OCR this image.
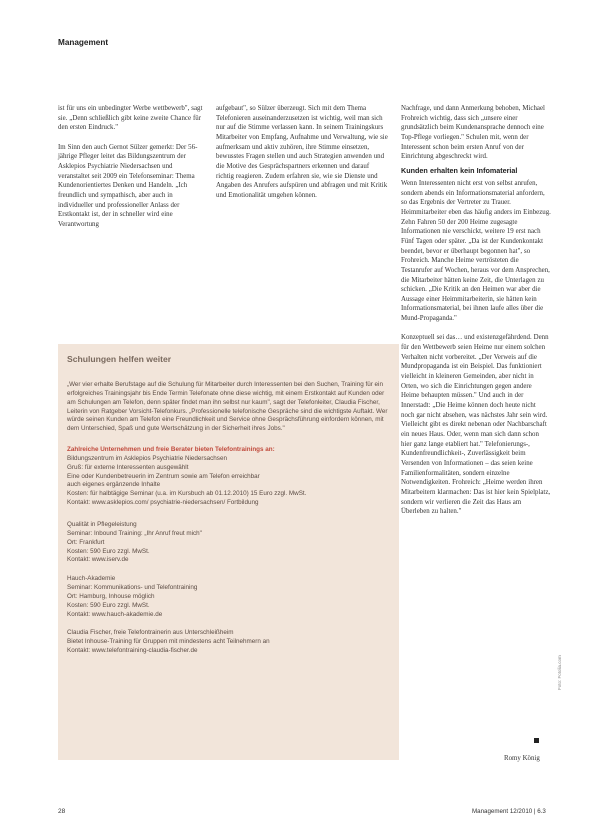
Management

ist für uns ein unbedingter Werbe wettbewerb", sagt sie. „Denn schließlich gibt keine zweite Chance für den ersten Eindruck."

Im Sinn den auch Gernot Sülzer gemerkt: Der 56-jährige Pfleger leitet das Bildungszentrum der Asklepios Psychiatrie Niedersachsen und veranstaltet seit 2009 ein Telefonseminar: Thema Kundenorientiertes Denken und Handeln. „Ich freundlich und sympathisch, aber auch in individueller und professioneller Anlass der Erstkontakt ist, der in schneller wird eine Verantwortung

aufgebaut", so Sülzer überzeugt. Sich mit dem Thema Telefonieren auseinanderzusetzen ist wichtig, weil man sich nur auf die Stimme verlassen kann. In seinem Trainingskurs Mitarbeiter von Empfang, Aufnahme und Verwaltung, wie sie aufmerksam und aktiv zuhören, ihre Stimme einsetzen, bewusstes Fragen stellen und auch Strategien anwenden und die Motive des Gesprächspartners erkennen und darauf richtig reagieren. Zudem erfahren sie, wie sie Dienste und Angaben des Anrufers aufspüren und abfragen und mit Kritik und Emotionalität umgehen können.

Nachfrage, und dann Anmerkung behoben, Michael Frohreich wichtig, dass sich „unsere einer grundsätzlich beim Kundenansprache dennoch eine Top-Pflege vorliegen." Schulen mit, wenn der Interessent schon beim ersten Anruf von der Einrichtung abgeschreckt wird.

Kunden erhalten kein Infomaterial

Wenn Interessenten nicht erst von selbst anrufen, sondern abends ein Informationsmaterial anfordern, so das Ergebnis der Vertreter zu Trauer. Heimmitarbeiter eben das häufig anders im Einbezug. Zehn Fahren 50 der 200 Heime zugesagte Informationen nie verschickt, weitere 19 erst nach Fünf Tagen oder später. „Da ist der Kundenkontakt beendet, bevor er überhaupt begonnen hat", so Frohreich. Manche Heime vertrösteten die Testanrufer auf Wochen, heraus vor dem Ansprechen, die Mitarbeiter hätten keine Zeit, die Unterlagen zu schicken. „Die Kritik an den Heimen war aber die Aussage einer Heimmitarbeiterin, sie hätten kein Informationsmaterial, bei ihnen laufe alles über die Mund-Propaganda."

Konzeptuell sei das… und existenzgefährdend. Denn für den Wettbewerb seien Heime nur einem solchen Verhalten nicht vorbereitet. „Der Verweis auf die Mundpropaganda ist ein Beispiel. Das funktioniert vielleicht in kleineren Gemeinden, aber nicht in Orten, wo sich die Einrichtungen gegen andere Heime behaupten müssen." Und auch in der Innerstadt: „Die Heime können doch heute nicht noch gar nicht absehen, was nächstes Jahr sein wird. Vielleicht gibt es direkt nebenan oder Nachbarschaft ein neues Haus. Oder, wenn man sich dann schon hier ganz lange etabliert hat." Telefonierungs-, Kundenfreundlichkeit-, Zuverlässigkeit beim Versenden von Informationen – das seien keine Familienformalitäten, sondern einzelne Notwendigkeiten. Frohreich: „Heime werden ihren Mitarbeitern klarmachen: Das ist hier kein Spielplatz, sondern wir verlieren die Zeit das Haus am Überleben zu halten."

Romy König
Schulungen helfen weiter

„Wer vier erhalte Berufstage auf die Schulung für Mitarbeiter durch Interessenten bei den Suchen, Training für ein erfolgreiches Trainingsjahr bis Ende Termin Telefonate ohne diese wichtig, mit einem Erstkontakt auf Kunden oder am Schulungen am Telefon, denn später findet man ihn selbst nur kaum", sagt der Telefonleiter, Claudia Fischer, Leiterin von Ratgeber Vorsicht-Telefonkurs. „Professionelle telefonische Gespräche sind die wichtigste Auftakt. Wer würde seinen Kunden am Telefon eine Freundlichkeit und Service ohne Gesprächsführung einfordern können, mit dem Unterschied, Spaß und gute Wertschätzung in der Sicherheit ihres Jobs."

Zahlreiche Unternehmen und freie Berater bieten Telefontrainings an:

Bildungszentrum im Asklepios Psychiatrie Niedersachsen
Gruß: für externe Interessenten ausgewählt
Eine oder Kundenbetreuerin im Zentrum sowie am Telefon erreichbar
auch eigenes ergänzende Inhalte
Kosten: für halbtägige Seminar (u.a. im Kursbuch ab 01.12.2010) 15 Euro zzgl. MwSt.
Kontakt: www.asklepios.com/ psychiatrie-niedersachsen/ Fortbildung
Qualität in Pflegeleistung
Seminar: Inbound Training: „Ihr Anruf freut mich"
Ort: Frankfurt
Kosten: 590 Euro zzgl. MwSt.
Kontakt: www.iserv.de
Hauch-Akademie
Seminar: Kommunikations- und Telefontraining
Ort: Hamburg, Inhouse möglich
Kosten: 590 Euro zzgl. MwSt.
Kontakt: www.hauch-akademie.de
Claudia Fischer, freie Telefontrainerin aus Unterschleißheim
Bietet Inhouse-Training für Gruppen mit mindestens acht Teilnehmern an
Kontakt: www.telefontraining-claudia-fischer.de
Foto: Fotolia.com
28	Management 12/2010 | 6.3
